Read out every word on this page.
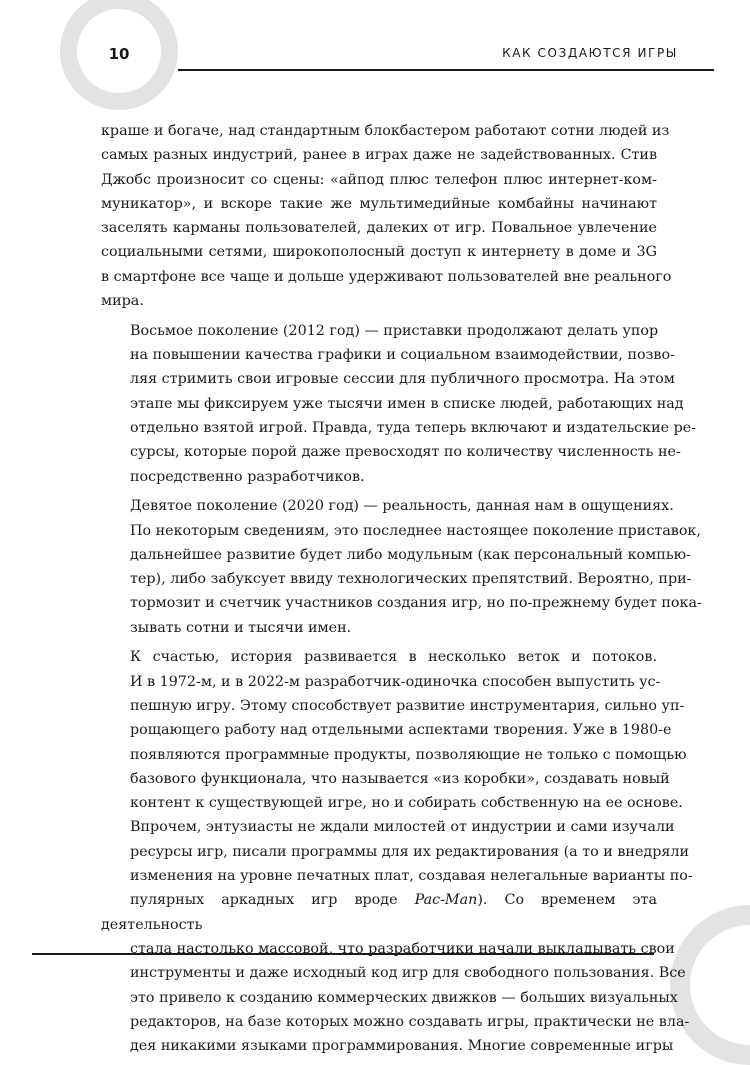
10	КАК СОЗДАЮТСЯ ИГРЫ

краше и богаче, над стандартным блокбастером работают сотни людей из
самых разных индустрий, ранее в играх даже не задействованных. Стив
Джобс произносит со сцены: «айпод плюс телефон плюс интернет-ком-
муникатор», и вскоре такие же мультимедийные комбайны начинают
заселять карманы пользователей, далеких от игр. Повальное увлечение
социальными сетями, широкополосный доступ к интернету в доме и 3G
в смартфоне все чаще и дольше удерживают пользователей вне реального
мира.

Восьмое поколение (2012 год) — приставки продолжают делать упор
на повышении качества графики и социальном взаимодействии, позво-
ляя стримить свои игровые сессии для публичного просмотра. На этом
этапе мы фиксируем уже тысячи имен в списке людей, работающих над
отдельно взятой игрой. Правда, туда теперь включают и издательские ре-
сурсы, которые порой даже превосходят по количеству численность не-
посредственно разработчиков.

Девятое поколение (2020 год) — реальность, данная нам в ощущениях.
По некоторым сведениям, это последнее настоящее поколение приставок,
дальнейшее развитие будет либо модульным (как персональный компью-
тер), либо забуксует ввиду технологических препятствий. Вероятно, при-
тормозит и счетчик участников создания игр, но по-прежнему будет пока-
зывать сотни и тысячи имен.

К счастью, история развивается в несколько веток и потоков.
И в 1972-м, и в 2022-м разработчик-одиночка способен выпустить ус-
пешную игру. Этому способствует развитие инструментария, сильно уп-
рощающего работу над отдельными аспектами творения. Уже в 1980-е
появляются программные продукты, позволяющие не только с помощью
базового функционала, что называется «из коробки», создавать новый
контент к существующей игре, но и собирать собственную на ее основе.
Впрочем, энтузиасты не ждали милостей от индустрии и сами изучали
ресурсы игр, писали программы для их редактирования (а то и внедряли
изменения на уровне печатных плат, создавая нелегальные варианты по-
пулярных аркадных игр вроде Pac-Man). Со временем эта деятельность
стала настолько массовой, что разработчики начали выкладывать свои
инструменты и даже исходный код игр для свободного пользования. Все
это привело к созданию коммерческих движков — больших визуальных
редакторов, на базе которых можно создавать игры, практически не вла-
дея никакими языками программирования. Многие современные игры
